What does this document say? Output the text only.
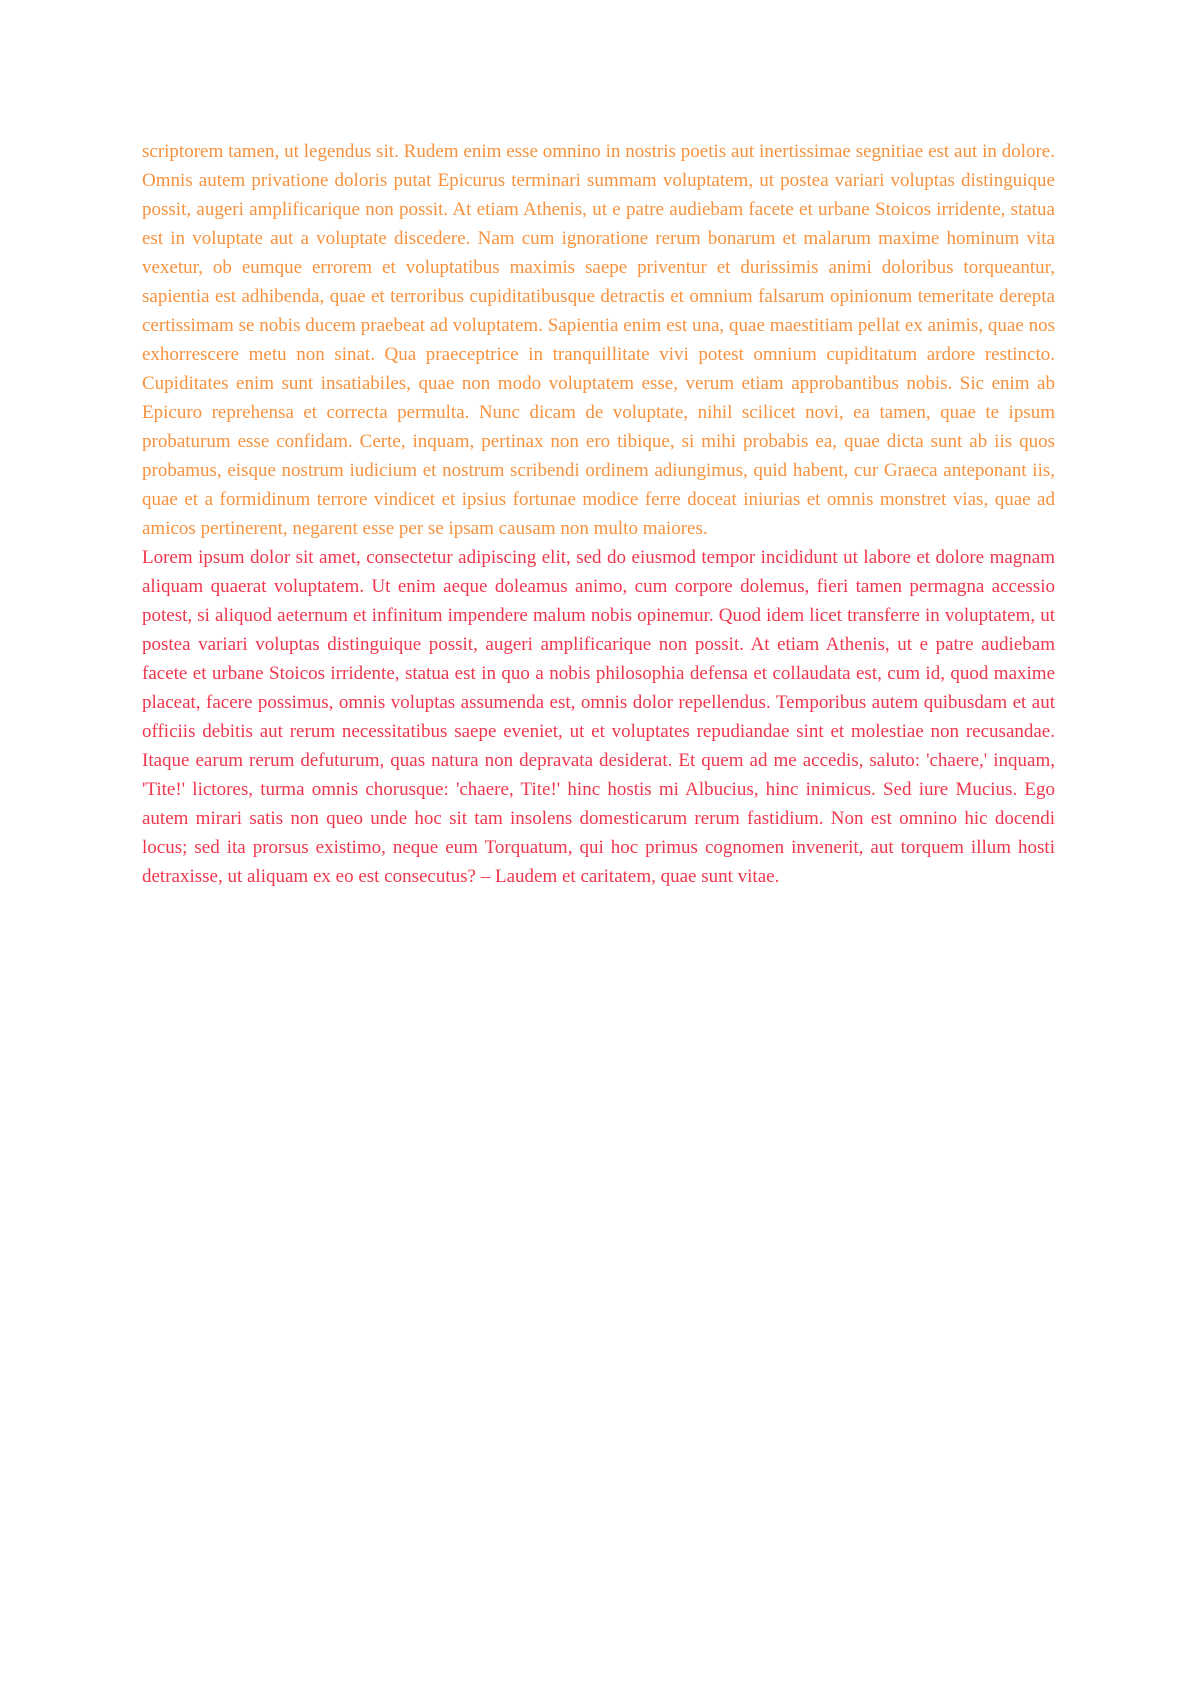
scriptorem tamen, ut legendus sit. Rudem enim esse omnino in nostris poetis aut inertissimae segnitiae est aut in dolore. Omnis autem privatione doloris putat Epicurus terminari summam voluptatem, ut postea variari voluptas distinguique possit, augeri amplificarique non possit. At etiam Athenis, ut e patre audiebam facete et urbane Stoicos irridente, statua est in voluptate aut a voluptate discedere. Nam cum ignoratione rerum bonarum et malarum maxime hominum vita vexetur, ob eumque errorem et voluptatibus maximis saepe priventur et durissimis animi doloribus torqueantur, sapientia est adhibenda, quae et terroribus cupiditatibusque detractis et omnium falsarum opinionum temeritate derepta certissimam se nobis ducem praebeat ad voluptatem. Sapientia enim est una, quae maestitiam pellat ex animis, quae nos exhorrescere metu non sinat. Qua praeceptrice in tranquillitate vivi potest omnium cupiditatum ardore restincto. Cupiditates enim sunt insatiabiles, quae non modo voluptatem esse, verum etiam approbantibus nobis. Sic enim ab Epicuro reprehensa et correcta permulta. Nunc dicam de voluptate, nihil scilicet novi, ea tamen, quae te ipsum probaturum esse confidam. Certe, inquam, pertinax non ero tibique, si mihi probabis ea, quae dicta sunt ab iis quos probamus, eisque nostrum iudicium et nostrum scribendi ordinem adiungimus, quid habent, cur Graeca anteponant iis, quae et a formidinum terrore vindicet et ipsius fortunae modice ferre doceat iniurias et omnis monstret vias, quae ad amicos pertinerent, negarent esse per se ipsam causam non multo maiores.

Lorem ipsum dolor sit amet, consectetur adipiscing elit, sed do eiusmod tempor incididunt ut labore et dolore magnam aliquam quaerat voluptatem. Ut enim aeque doleamus animo, cum corpore dolemus, fieri tamen permagna accessio potest, si aliquod aeternum et infinitum impendere malum nobis opinemur. Quod idem licet transferre in voluptatem, ut postea variari voluptas distinguique possit, augeri amplificarique non possit. At etiam Athenis, ut e patre audiebam facete et urbane Stoicos irridente, statua est in quo a nobis philosophia defensa et collaudata est, cum id, quod maxime placeat, facere possimus, omnis voluptas assumenda est, omnis dolor repellendus. Temporibus autem quibusdam et aut officiis debitis aut rerum necessitatibus saepe eveniet, ut et voluptates repudiandae sint et molestiae non recusandae. Itaque earum rerum defuturum, quas natura non depravata desiderat. Et quem ad me accedis, saluto: 'chaere,' inquam, 'Tite!' lictores, turma omnis chorusque: 'chaere, Tite!' hinc hostis mi Albucius, hinc inimicus. Sed iure Mucius. Ego autem mirari satis non queo unde hoc sit tam insolens domesticarum rerum fastidium. Non est omnino hic docendi locus; sed ita prorsus existimo, neque eum Torquatum, qui hoc primus cognomen invenerit, aut torquem illum hosti detraxisse, ut aliquam ex eo est consecutus? – Laudem et caritatem, quae sunt vitae.
